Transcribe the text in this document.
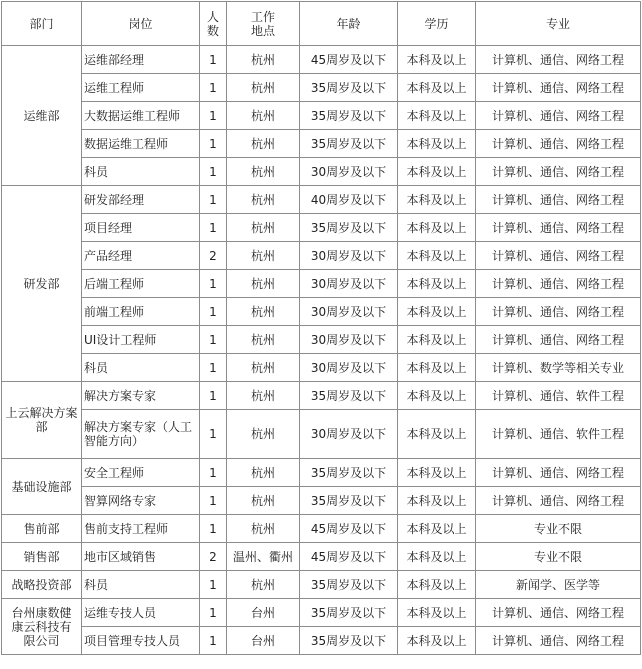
部门	岗位	人数	工作地点	年龄	学历	专业
运维部	运维部经理	1	杭州	45周岁及以下	本科及以上	计算机、通信、网络工程
	运维工程师	1	杭州	35周岁及以下	本科及以上	计算机、通信、网络工程
	大数据运维工程师	1	杭州	35周岁及以下	本科及以上	计算机、通信、网络工程
	数据运维工程师	1	杭州	35周岁及以下	本科及以上	计算机、通信、网络工程
	科员	1	杭州	30周岁及以下	本科及以上	计算机、通信、网络工程
研发部	研发部经理	1	杭州	40周岁及以下	本科及以上	计算机、通信、网络工程
	项目经理	1	杭州	35周岁及以下	本科及以上	计算机、通信、网络工程
	产品经理	2	杭州	30周岁及以下	本科及以上	计算机、通信、网络工程
	后端工程师	1	杭州	30周岁及以下	本科及以上	计算机、通信、网络工程
	前端工程师	1	杭州	30周岁及以下	本科及以上	计算机、通信、网络工程
	UI设计工程师	1	杭州	30周岁及以下	本科及以上	计算机、通信、网络工程
	科员	1	杭州	30周岁及以下	本科及以上	计算机、数学等相关专业
上云解决方案部	解决方案专家	1	杭州	35周岁及以下	本科及以上	计算机、通信、软件工程
	解决方案专家（人工智能方向）	1	杭州	30周岁及以下	本科及以上	计算机、通信、软件工程
基础设施部	安全工程师	1	杭州	35周岁及以下	本科及以上	计算机、通信、网络工程
	智算网络专家	1	杭州	35周岁及以下	本科及以上	计算机、通信、网络工程
售前部	售前支持工程师	1	杭州	45周岁及以下	本科及以上	专业不限
销售部	地市区域销售	2	温州、衢州	45周岁及以下	本科及以上	专业不限
战略投资部	科员	1	杭州	35周岁及以下	本科及以上	新闻学、医学等
台州康数健康云科技有限公司	运维专技人员	1	台州	35周岁及以下	本科及以上	计算机、通信、网络工程
	项目管理专技人员	1	台州	35周岁及以下	本科及以上	计算机、通信、网络工程
